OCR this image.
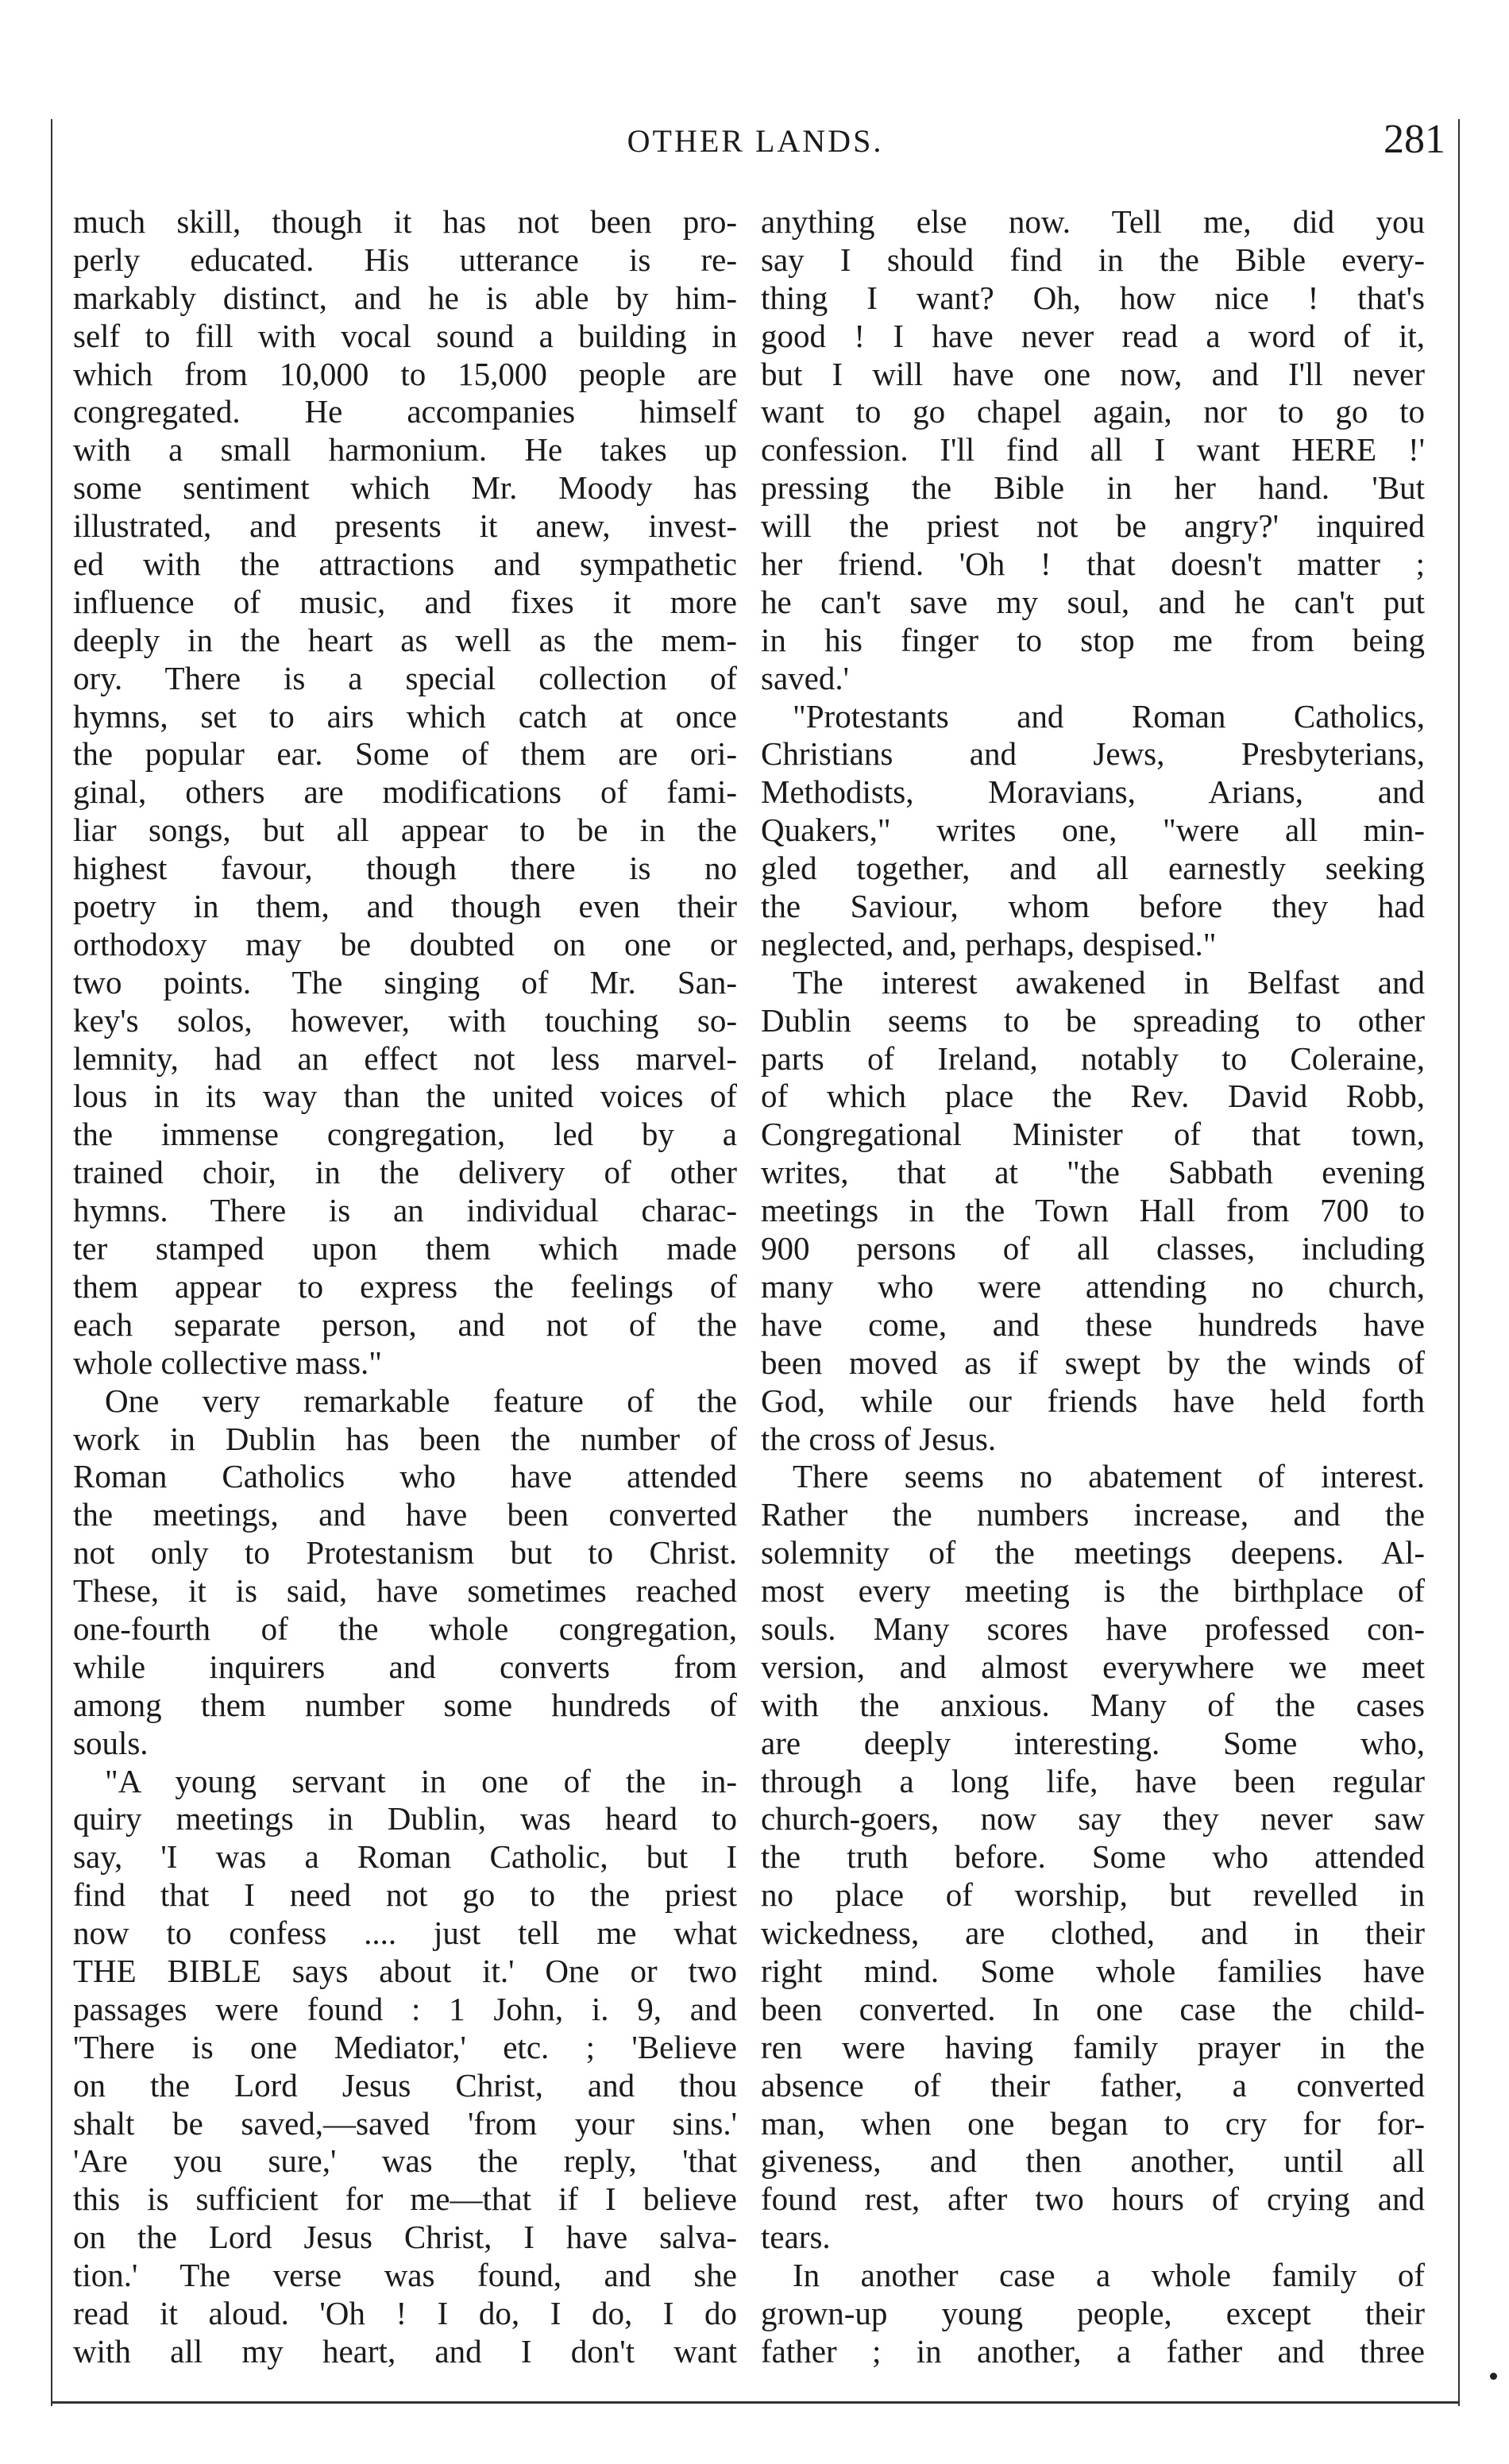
OTHER LANDS.	281
much skill, though it has not been pro-
perly educated. His utterance is re-
markably distinct, and he is able by him-
self to fill with vocal sound a building in
which from 10,000 to 15,000 people are
congregated. He accompanies himself
with a small harmonium. He takes up
some sentiment which Mr. Moody has
illustrated, and presents it anew, invest-
ed with the attractions and sympathetic
influence of music, and fixes it more
deeply in the heart as well as the mem-
ory. There is a special collection of
hymns, set to airs which catch at once
the popular ear. Some of them are ori-
ginal, others are modifications of fami-
liar songs, but all appear to be in the
highest favour, though there is no
poetry in them, and though even their
orthodoxy may be doubted on one or
two points. The singing of Mr. San-
key's solos, however, with touching so-
lemnity, had an effect not less marvel-
lous in its way than the united voices of
the immense congregation, led by a
trained choir, in the delivery of other
hymns. There is an individual charac-
ter stamped upon them which made
them appear to express the feelings of
each separate person, and not of the
whole collective mass."
One very remarkable feature of the
work in Dublin has been the number of
Roman Catholics who have attended
the meetings, and have been converted
not only to Protestanism but to Christ.
These, it is said, have sometimes reached
one-fourth of the whole congregation,
while inquirers and converts from
among them number some hundreds of
souls.
"A young servant in one of the in-
quiry meetings in Dublin, was heard to
say, 'I was a Roman Catholic, but I
find that I need not go to the priest
now to confess .... just tell me what
THE BIBLE says about it.' One or two
passages were found : 1 John, i. 9, and
'There is one Mediator,' etc. ; 'Believe
on the Lord Jesus Christ, and thou
shalt be saved,—saved 'from your sins.'
'Are you sure,' was the reply, 'that
this is sufficient for me—that if I believe
on the Lord Jesus Christ, I have salva-
tion.' The verse was found, and she
read it aloud. 'Oh ! I do, I do, I do
with all my heart, and I don't want
anything else now. Tell me, did you
say I should find in the Bible every-
thing I want? Oh, how nice ! that's
good ! I have never read a word of it,
but I will have one now, and I'll never
want to go chapel again, nor to go to
confession. I'll find all I want HERE !'
pressing the Bible in her hand. 'But
will the priest not be angry?' inquired
her friend. 'Oh ! that doesn't matter ;
he can't save my soul, and he can't put
in his finger to stop me from being
saved.'
"Protestants and Roman Catholics,
Christians and Jews, Presbyterians,
Methodists, Moravians, Arians, and
Quakers," writes one, "were all min-
gled together, and all earnestly seeking
the Saviour, whom before they had
neglected, and, perhaps, despised."
The interest awakened in Belfast and
Dublin seems to be spreading to other
parts of Ireland, notably to Coleraine,
of which place the Rev. David Robb,
Congregational Minister of that town,
writes, that at "the Sabbath evening
meetings in the Town Hall from 700 to
900 persons of all classes, including
many who were attending no church,
have come, and these hundreds have
been moved as if swept by the winds of
God, while our friends have held forth
the cross of Jesus.
There seems no abatement of interest.
Rather the numbers increase, and the
solemnity of the meetings deepens. Al-
most every meeting is the birthplace of
souls. Many scores have professed con-
version, and almost everywhere we meet
with the anxious. Many of the cases
are deeply interesting. Some who,
through a long life, have been regular
church-goers, now say they never saw
the truth before. Some who attended
no place of worship, but revelled in
wickedness, are clothed, and in their
right mind. Some whole families have
been converted. In one case the child-
ren were having family prayer in the
absence of their father, a converted
man, when one began to cry for for-
giveness, and then another, until all
found rest, after two hours of crying and
tears.
In another case a whole family of
grown-up young people, except their
father ; in another, a father and three
